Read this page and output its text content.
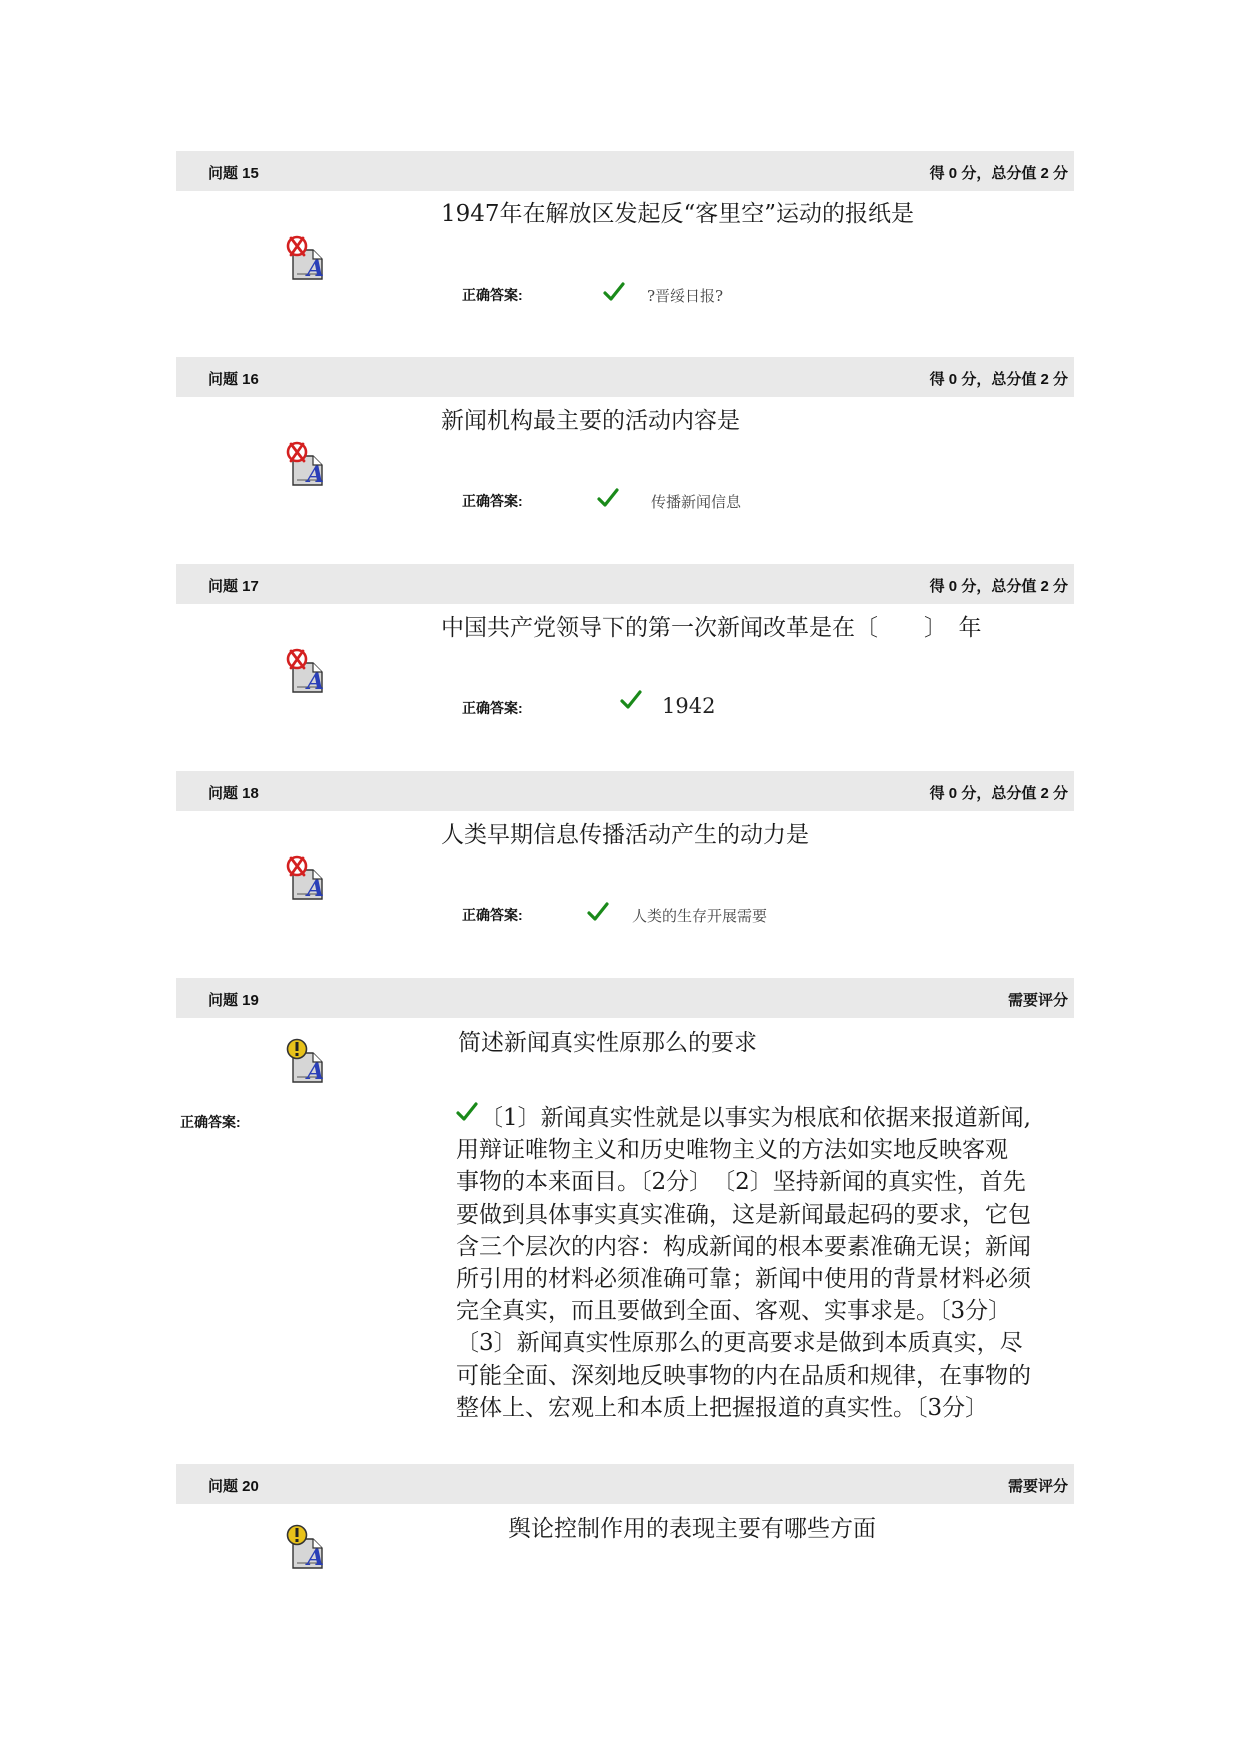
问题 15	得 0 分，总分值 2 分
1947年在解放区发起反“客里空”运动的报纸是
正确答案:	?晋绥日报?
问题 16	得 0 分，总分值 2 分
新闻机构最主要的活动内容是
正确答案:	传播新闻信息
问题 17	得 0 分，总分值 2 分
中国共产党领导下的第一次新闻改革是在〔　　〕　年
正确答案:	1942
问题 18	得 0 分，总分值 2 分
人类早期信息传播活动产生的动力是
正确答案:	人类的生存开展需要
问题 19	需要评分
简述新闻真实性原那么的要求
正确答案:	〔1〕新闻真实性就是以事实为根底和依据来报道新闻,
用辩证唯物主义和历史唯物主义的方法如实地反映客观
事物的本来面目。〔2分〕　〔2〕坚持新闻的真实性，首先
要做到具体事实真实准确，这是新闻最起码的要求，它包
含三个层次的内容：构成新闻的根本要素准确无误；新闻
所引用的材料必须准确可靠；新闻中使用的背景材料必须
完全真实，而且要做到全面、客观、实事求是。〔3分〕
〔3〕新闻真实性原那么的更高要求是做到本质真实，尽
可能全面、深刻地反映事物的内在品质和规律，在事物的
整体上、宏观上和本质上把握报道的真实性。〔3分〕
问题 20	需要评分
舆论控制作用的表现主要有哪些方面
